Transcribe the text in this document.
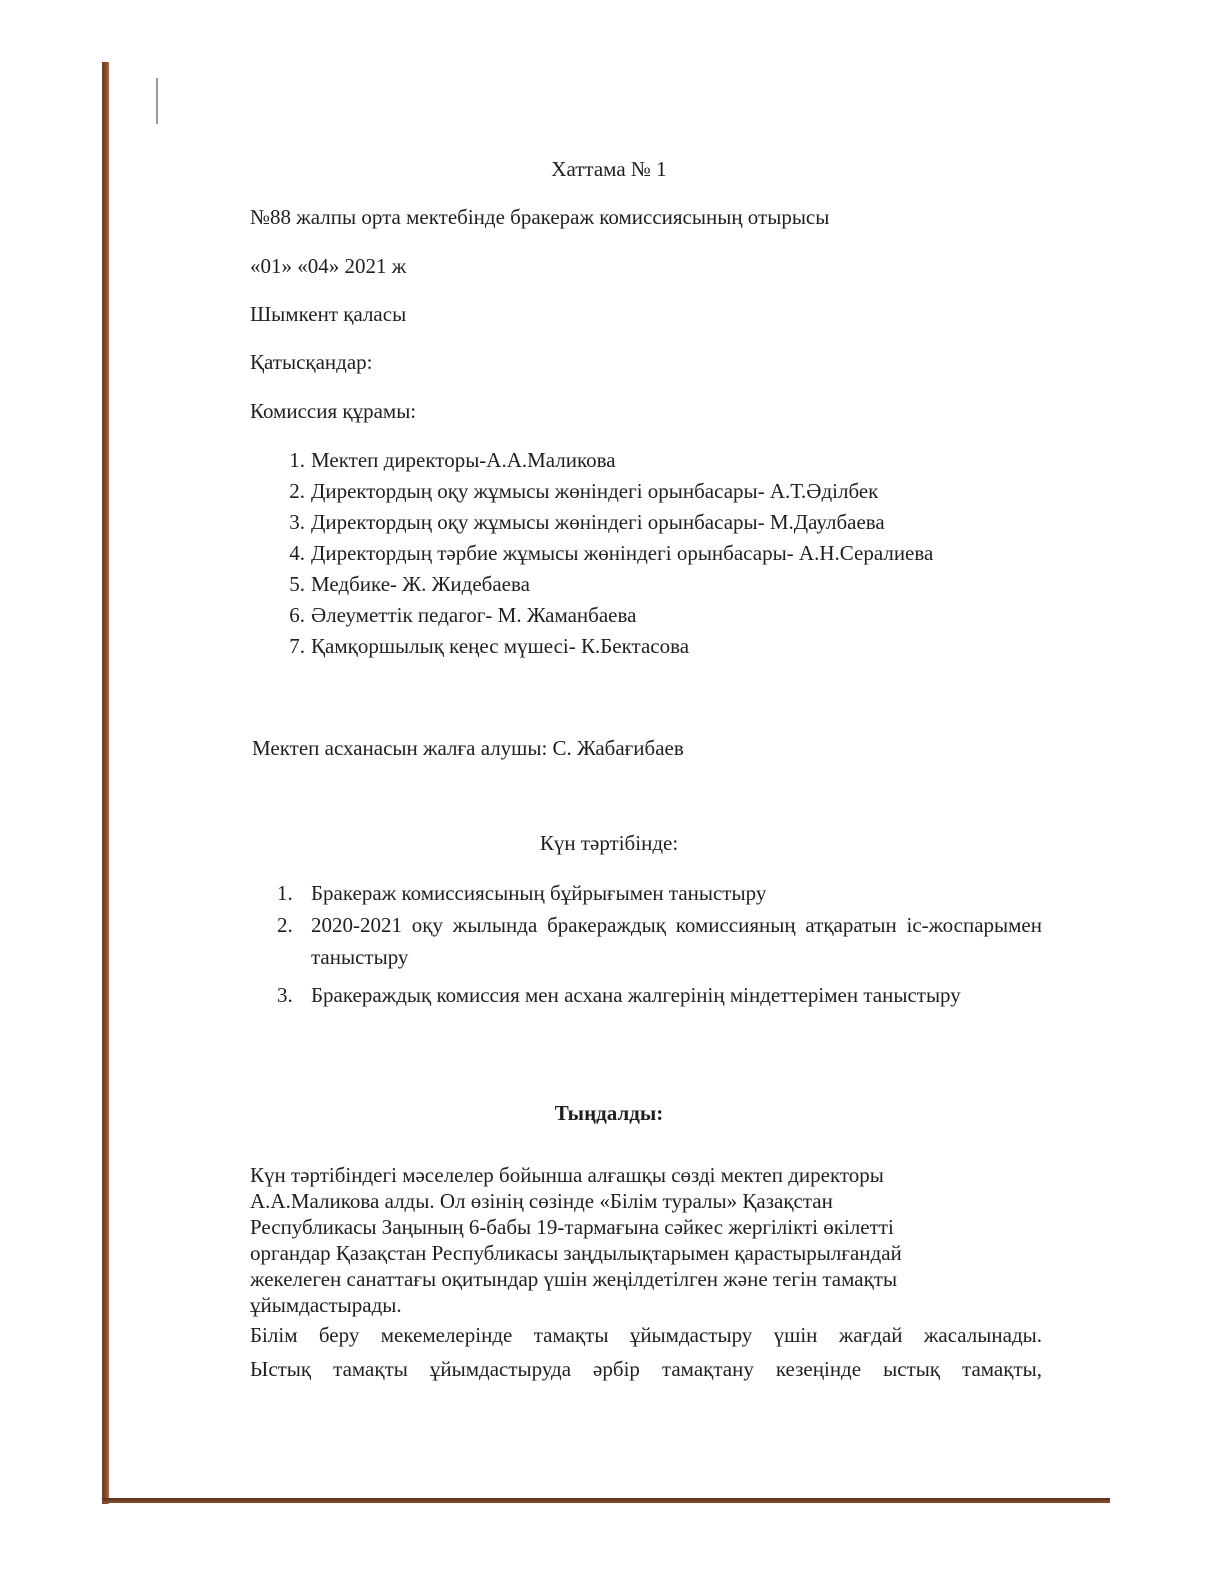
Хаттама № 1
№88 жалпы орта мектебінде бракераж комиссиясының отырысы
«01» «04» 2021 ж
Шымкент қаласы
Қатысқандар:
Комиссия құрамы:
1. Мектеп директоры-А.А.Маликова
2. Директордың оқу жұмысы жөніндегі орынбасары- А.Т.Әділбек
3. Директордың оқу жұмысы жөніндегі орынбасары- М.Даулбаева
4. Директордың тәрбие жұмысы жөніндегі орынбасары- А.Н.Сералиева
5. Медбике- Ж. Жидебаева
6. Әлеуметтік педагог- М. Жаманбаева
7. Қамқоршылық кеңес мүшесі- К.Бектасова
Мектеп асханасын жалға алушы: С. Жабағибаев
Күн тәртібінде:
1. Бракераж комиссиясының бұйрығымен таныстыру
2. 2020-2021 оқу жылында бракераждық комиссияның атқаратын іс-жоспарымен таныстыру
3. Бракераждық комиссия мен асхана жалгерінің міндеттерімен таныстыру
Тыңдалды:
Күн тәртібіндегі мәселелер бойынша алғашқы сөзді мектеп директоры
А.А.Маликова алды. Ол өзінің сөзінде «Білім туралы» Қазақстан
Республикасы Заңының 6-бабы 19-тармағына сәйкес жергілікті өкілетті
органдар Қазақстан Республикасы заңдылықтарымен қарастырылғандай
жекелеген санаттағы оқитындар үшін жеңілдетілген және тегін тамақты
ұйымдастырады.
Білім беру мекемелерінде тамақты ұйымдастыру үшін жағдай жасалынады.
Ыстық тамақты ұйымдастыруда әрбір тамақтану кезеңінде ыстық тамақты,
